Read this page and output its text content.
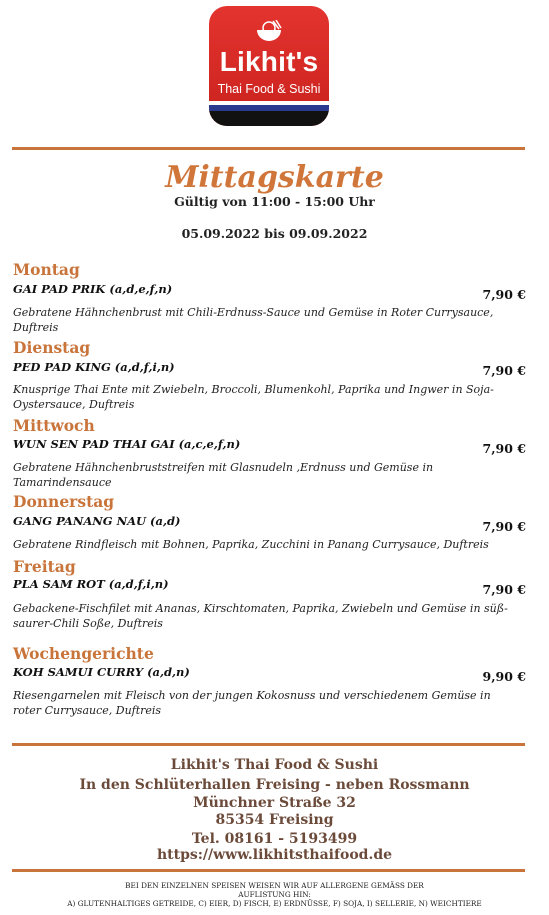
Likhit's
Thai Food & Sushi
Mittagskarte
Gültig von 11:00 - 15:00 Uhr
05.09.2022 bis 09.09.2022
Montag
GAI PAD PRIK (a,d,e,f,n)	7,90 €
Gebratene Hähnchenbrust mit Chili-Erdnuss-Sauce und Gemüse in Roter Currysauce, Duftreis
Dienstag
PED PAD KING (a,d,f,i,n)	7,90 €
Knusprige Thai Ente mit Zwiebeln, Broccoli, Blumenkohl, Paprika und Ingwer in Soja-Oystersauce, Duftreis
Mittwoch
WUN SEN PAD THAI GAI (a,c,e,f,n)	7,90 €
Gebratene Hähnchenbruststreifen mit Glasnudeln ,Erdnuss und Gemüse in Tamarindensauce
Donnerstag
GANG PANANG NAU (a,d)	7,90 €
Gebratene Rindfleisch mit Bohnen, Paprika, Zucchini in Panang Currysauce, Duftreis
Freitag
PLA SAM ROT (a,d,f,i,n)	7,90 €
Gebackene-Fischfilet mit Ananas, Kirschtomaten, Paprika, Zwiebeln und Gemüse in süß-saurer-Chili Soße, Duftreis
Wochengerichte
KOH SAMUI CURRY (a,d,n)	9,90 €
Riesengarnelen mit Fleisch von der jungen Kokosnuss und verschiedenem Gemüse in roter Currysauce, Duftreis
Likhit's Thai Food & Sushi
In den Schlüterhallen Freising - neben Rossmann
Münchner Straße 32
85354 Freising
Tel. 08161 - 5193499
https://www.likhitsthaifood.de
BEI DEN EINZELNEN SPEISEN WEISEN WIR AUF ALLERGENE GEMÄSS DER
AUFLISTUNG HIN:
A) GLUTENHALTIGES GETREIDE, C) EIER, D) FISCH, E) ERDNÜSSE, F) SOJA, I) SELLERIE, N) WEICHTIERE
